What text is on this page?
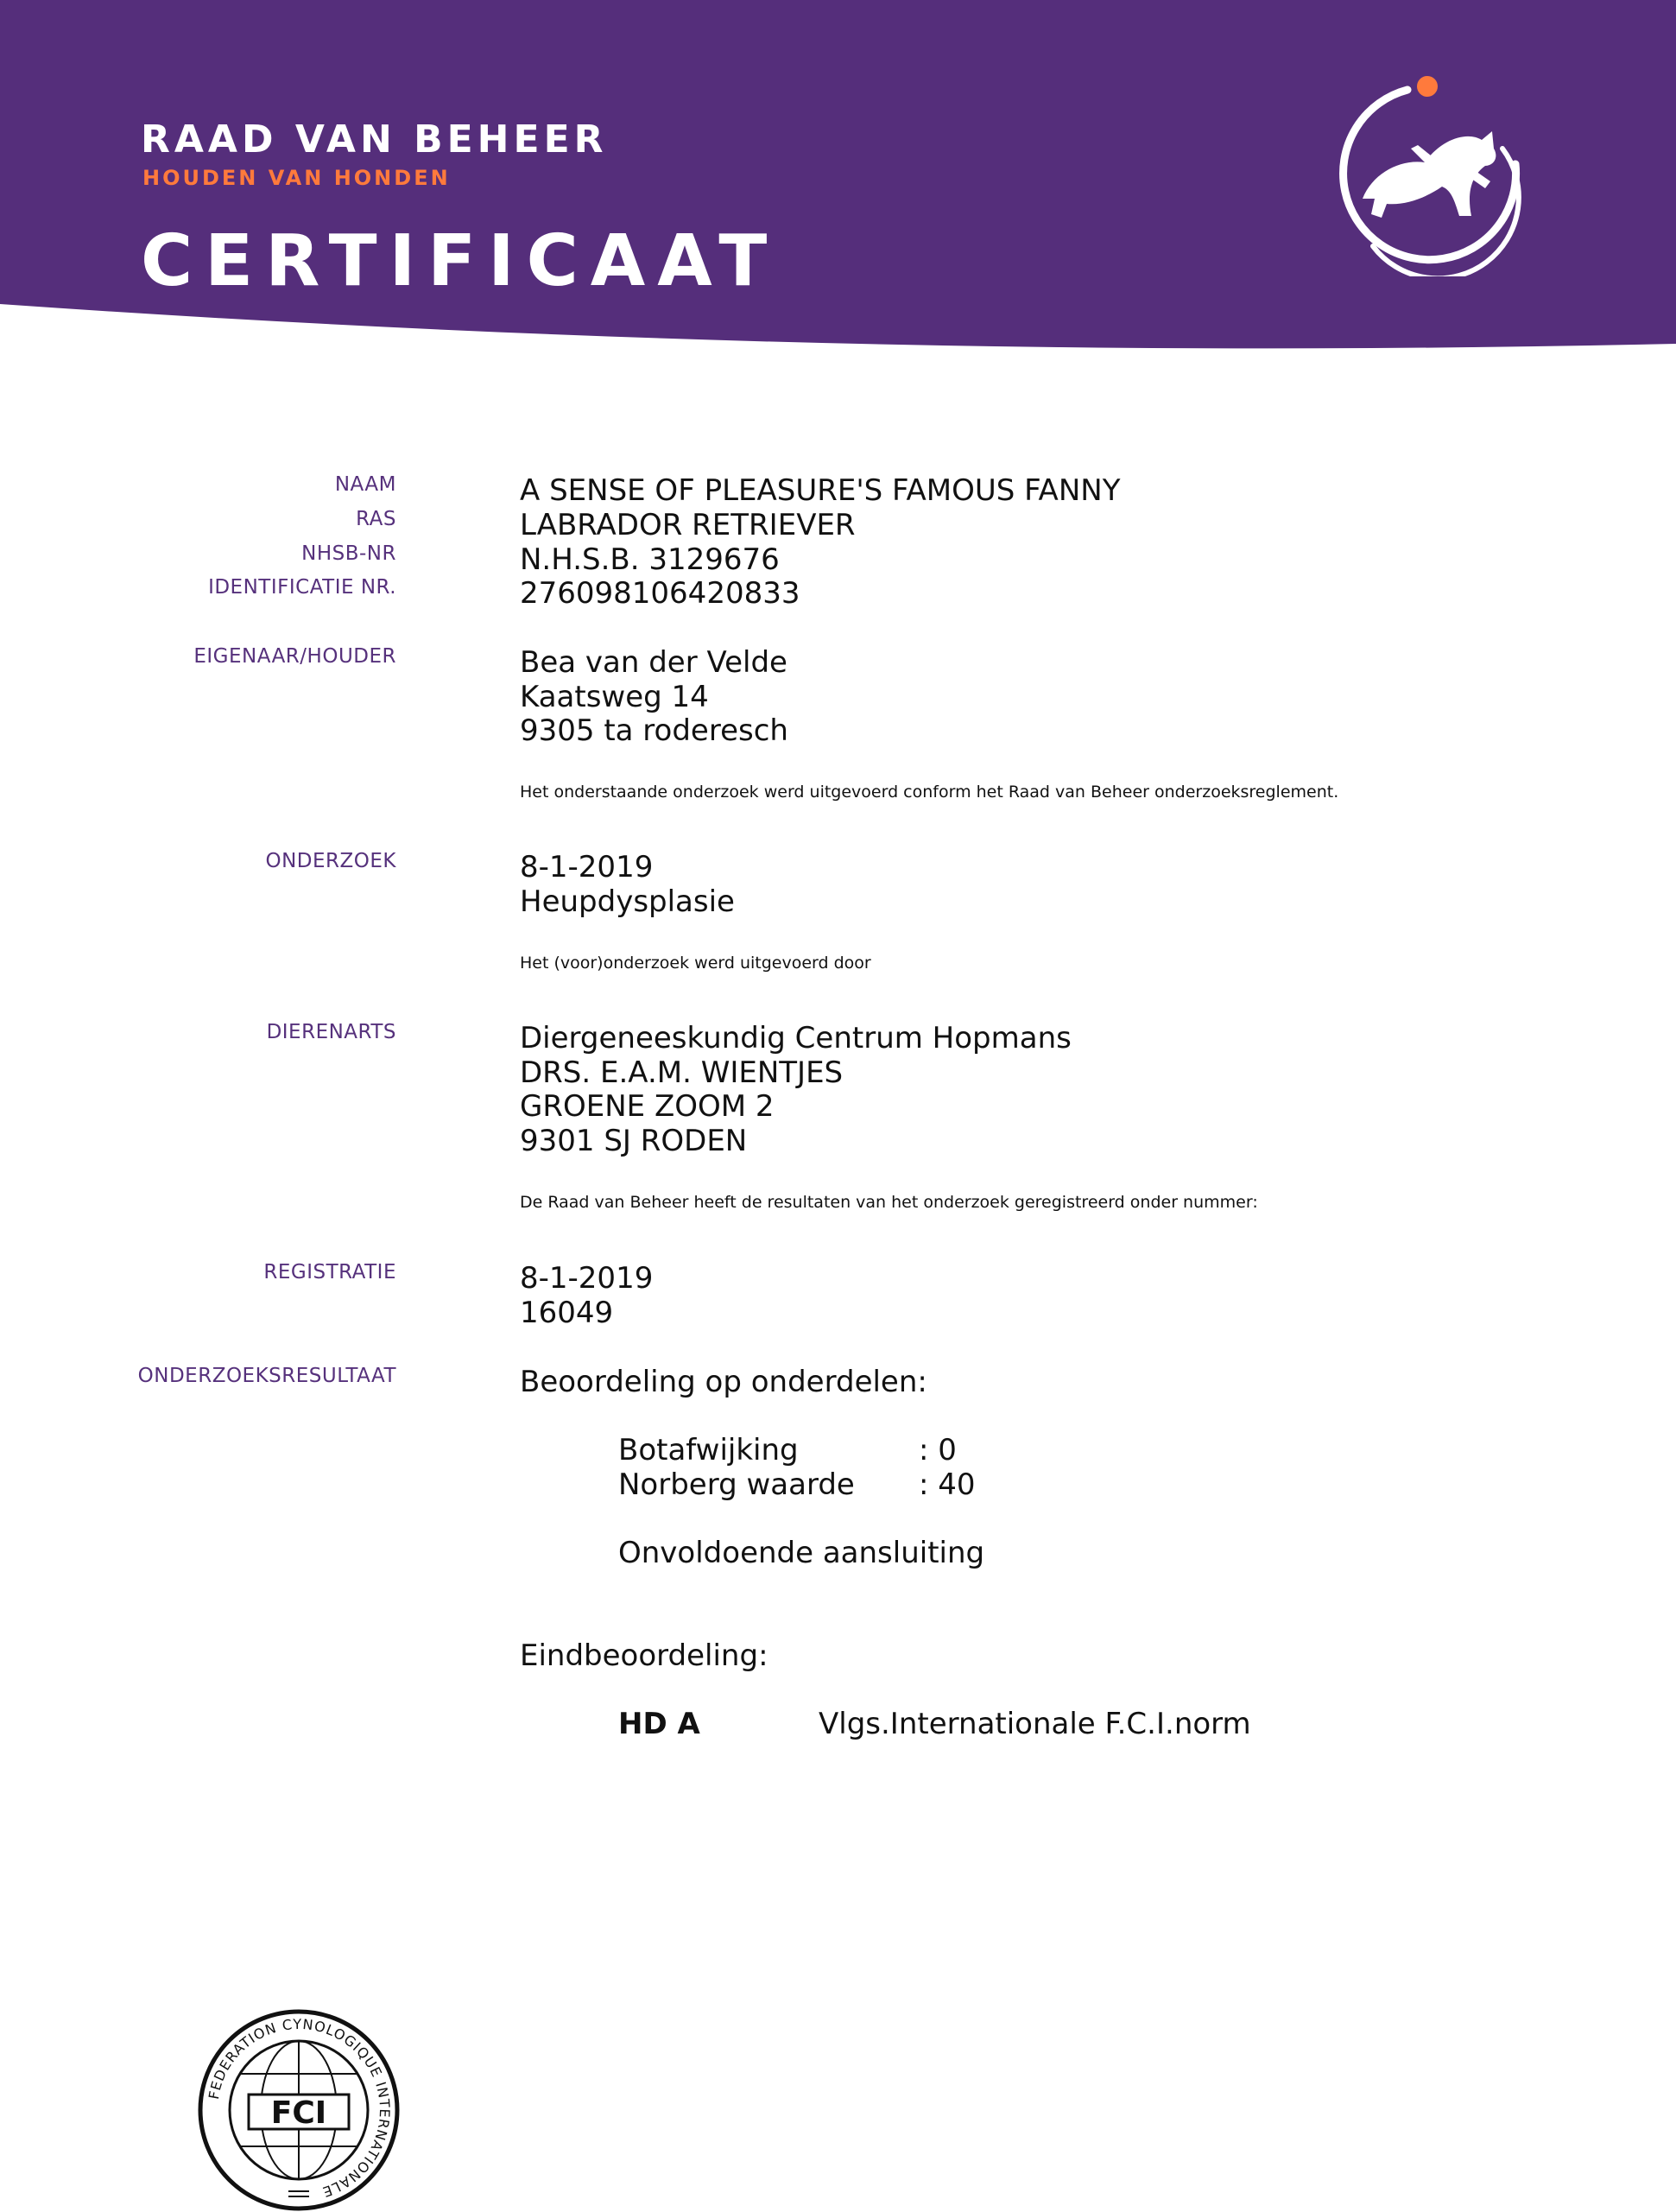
RAAD VAN BEHEER
HOUDEN VAN HONDEN
CERTIFICAAT
NAAM	A SENSE OF PLEASURE'S FAMOUS FANNY
RAS	LABRADOR RETRIEVER
NHSB-NR	N.H.S.B. 3129676
IDENTIFICATIE NR.	276098106420833
EIGENAAR/HOUDER	Bea van der Velde
Kaatsweg 14
9305 ta roderesch
Het onderstaande onderzoek werd uitgevoerd conform het Raad van Beheer onderzoeksreglement.
ONDERZOEK	8-1-2019
Heupdysplasie
Het (voor)onderzoek werd uitgevoerd door
DIERENARTS	Diergeneeskundig Centrum Hopmans
DRS. E.A.M. WIENTJES
GROENE ZOOM 2
9301 SJ RODEN
De Raad van Beheer heeft de resultaten van het onderzoek geregistreerd onder nummer:
REGISTRATIE	8-1-2019
16049
ONDERZOEKSRESULTAAT	Beoordeling op onderdelen:
Botafwijking	: 0
Norberg waarde : 40
Onvoldoende aansluiting
Eindbeoordeling:
HD A	Vlgs.Internationale F.C.I.norm
FCI
FEDERATION CYNOLOGIQUE INTERNATIONALE
